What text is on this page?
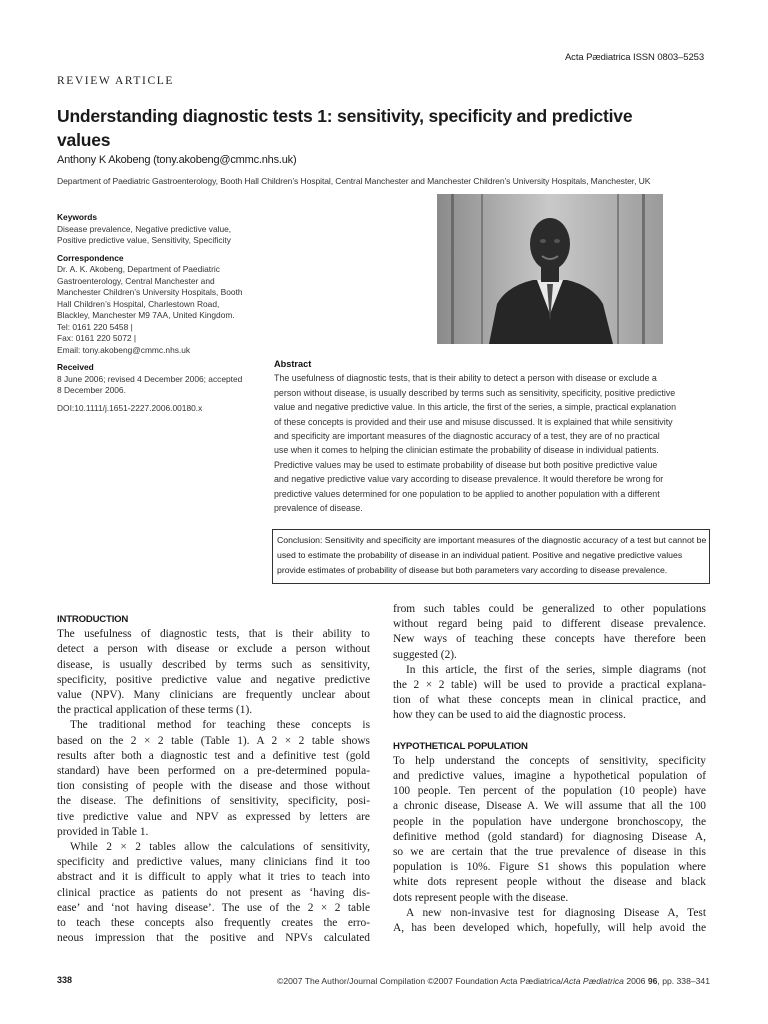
Acta Pædiatrica ISSN 0803–5253
REVIEW ARTICLE
Understanding diagnostic tests 1: sensitivity, specificity and predictive
values
Anthony K Akobeng (tony.akobeng@cmmc.nhs.uk)
Department of Paediatric Gastroenterology, Booth Hall Children’s Hospital, Central Manchester and Manchester Children’s University Hospitals, Manchester, UK
Keywords
Disease prevalence, Negative predictive value,
Positive predictive value, Sensitivity, Specificity
Correspondence
Dr. A. K. Akobeng, Department of Paediatric
Gastroenterology, Central Manchester and
Manchester Children’s University Hospitals, Booth
Hall Children’s Hospital, Charlestown Road,
Blackley, Manchester M9 7AA, United Kingdom.
Tel: 0161 220 5458 |
Fax: 0161 220 5072 |
Email: tony.akobeng@cmmc.nhs.uk
Received
8 June 2006; revised 4 December 2006; accepted
8 December 2006.
DOI:10.1111/j.1651-2227.2006.00180.x
Abstract
The usefulness of diagnostic tests, that is their ability to detect a person with disease or exclude a
person without disease, is usually described by terms such as sensitivity, specificity, positive predictive
value and negative predictive value. In this article, the first of the series, a simple, practical explanation
of these concepts is provided and their use and misuse discussed. It is explained that while sensitivity
and specificity are important measures of the diagnostic accuracy of a test, they are of no practical
use when it comes to helping the clinician estimate the probability of disease in individual patients.
Predictive values may be used to estimate probability of disease but both positive predictive value
and negative predictive value vary according to disease prevalence. It would therefore be wrong for
predictive values determined for one population to be applied to another population with a different
prevalence of disease.
Conclusion: Sensitivity and specificity are important measures of the diagnostic accuracy of a test but cannot be
used to estimate the probability of disease in an individual patient. Positive and negative predictive values
provide estimates of probability of disease but both parameters vary according to disease prevalence.
INTRODUCTION
The usefulness of diagnostic tests, that is their ability to
detect a person with disease or exclude a person without
disease, is usually described by terms such as sensitivity,
specificity, positive predictive value and negative predictive
value (NPV). Many clinicians are frequently unclear about
the practical application of these terms (1).
The traditional method for teaching these concepts is
based on the 2 × 2 table (Table 1). A 2 × 2 table shows
results after both a diagnostic test and a definitive test (gold
standard) have been performed on a pre-determined popula-
tion consisting of people with the disease and those without
the disease. The definitions of sensitivity, specificity, posi-
tive predictive value and NPV as expressed by letters are
provided in Table 1.
While 2 × 2 tables allow the calculations of sensitivity,
specificity and predictive values, many clinicians find it too
abstract and it is difficult to apply what it tries to teach into
clinical practice as patients do not present as ‘having dis-
ease’ and ‘not having disease’. The use of the 2 × 2 table
to teach these concepts also frequently creates the erro-
neous impression that the positive and NPVs calculated
from such tables could be generalized to other populations
without regard being paid to different disease prevalence.
New ways of teaching these concepts have therefore been
suggested (2).
In this article, the first of the series, simple diagrams (not
the 2 × 2 table) will be used to provide a practical explana-
tion of what these concepts mean in clinical practice, and
how they can be used to aid the diagnostic process.
HYPOTHETICAL POPULATION
To help understand the concepts of sensitivity, specificity
and predictive values, imagine a hypothetical population of
100 people. Ten percent of the population (10 people) have
a chronic disease, Disease A. We will assume that all the 100
people in the population have undergone bronchoscopy, the
definitive method (gold standard) for diagnosing Disease A,
so we are certain that the true prevalence of disease in this
population is 10%. Figure S1 shows this population where
white dots represent people without the disease and black
dots represent people with the disease.
A new non-invasive test for diagnosing Disease A, Test
A, has been developed which, hopefully, will help avoid the
338	©2007 The Author/Journal Compilation ©2007 Foundation Acta Pædiatrica/Acta Pædiatrica 2006 96, pp. 338–341
